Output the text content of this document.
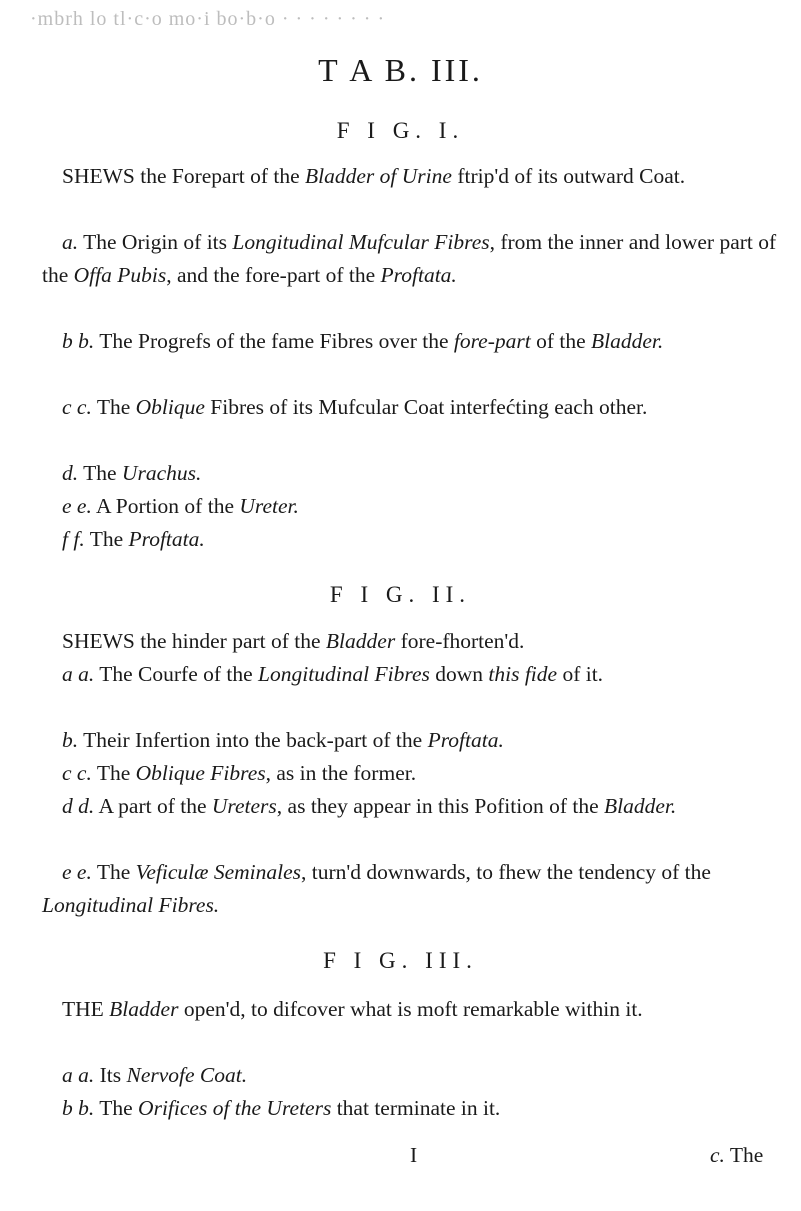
·mbrh lo tl·c·o mo·i bo·b·o · · · · · · · ·
T A B. III.
F I G. I.
SHEWS the Forepart of the Bladder of Urine ftrip'd of its outward Coat.
a. The Origin of its Longitudinal Mufcular Fibres, from the inner and lower part of the Offa Pubis, and the fore-part of the Proftata.
b b. The Progrefs of the fame Fibres over the fore-part of the Bladder.
c c. The Oblique Fibres of its Mufcular Coat interfećting each other.
d. The Urachus.
e e. A Portion of the Ureter.
f f. The Proftata.
F I G. II.
SHEWS the hinder part of the Bladder fore-fhorten'd.
a a. The Courfe of the Longitudinal Fibres down this fide of it.
b. Their Infertion into the back-part of the Proftata.
c c. The Oblique Fibres, as in the former.
d d. A part of the Ureters, as they appear in this Pofition of the Bladder.
e e. The Veficulæ Seminales, turn'd downwards, to fhew the tendency of the Longitudinal Fibres.
F I G. III.
THE Bladder open'd, to difcover what is moft remarkable within it.
a a. Its Nervofe Coat.
b b. The Orifices of the Ureters that terminate in it.
I	c. The
